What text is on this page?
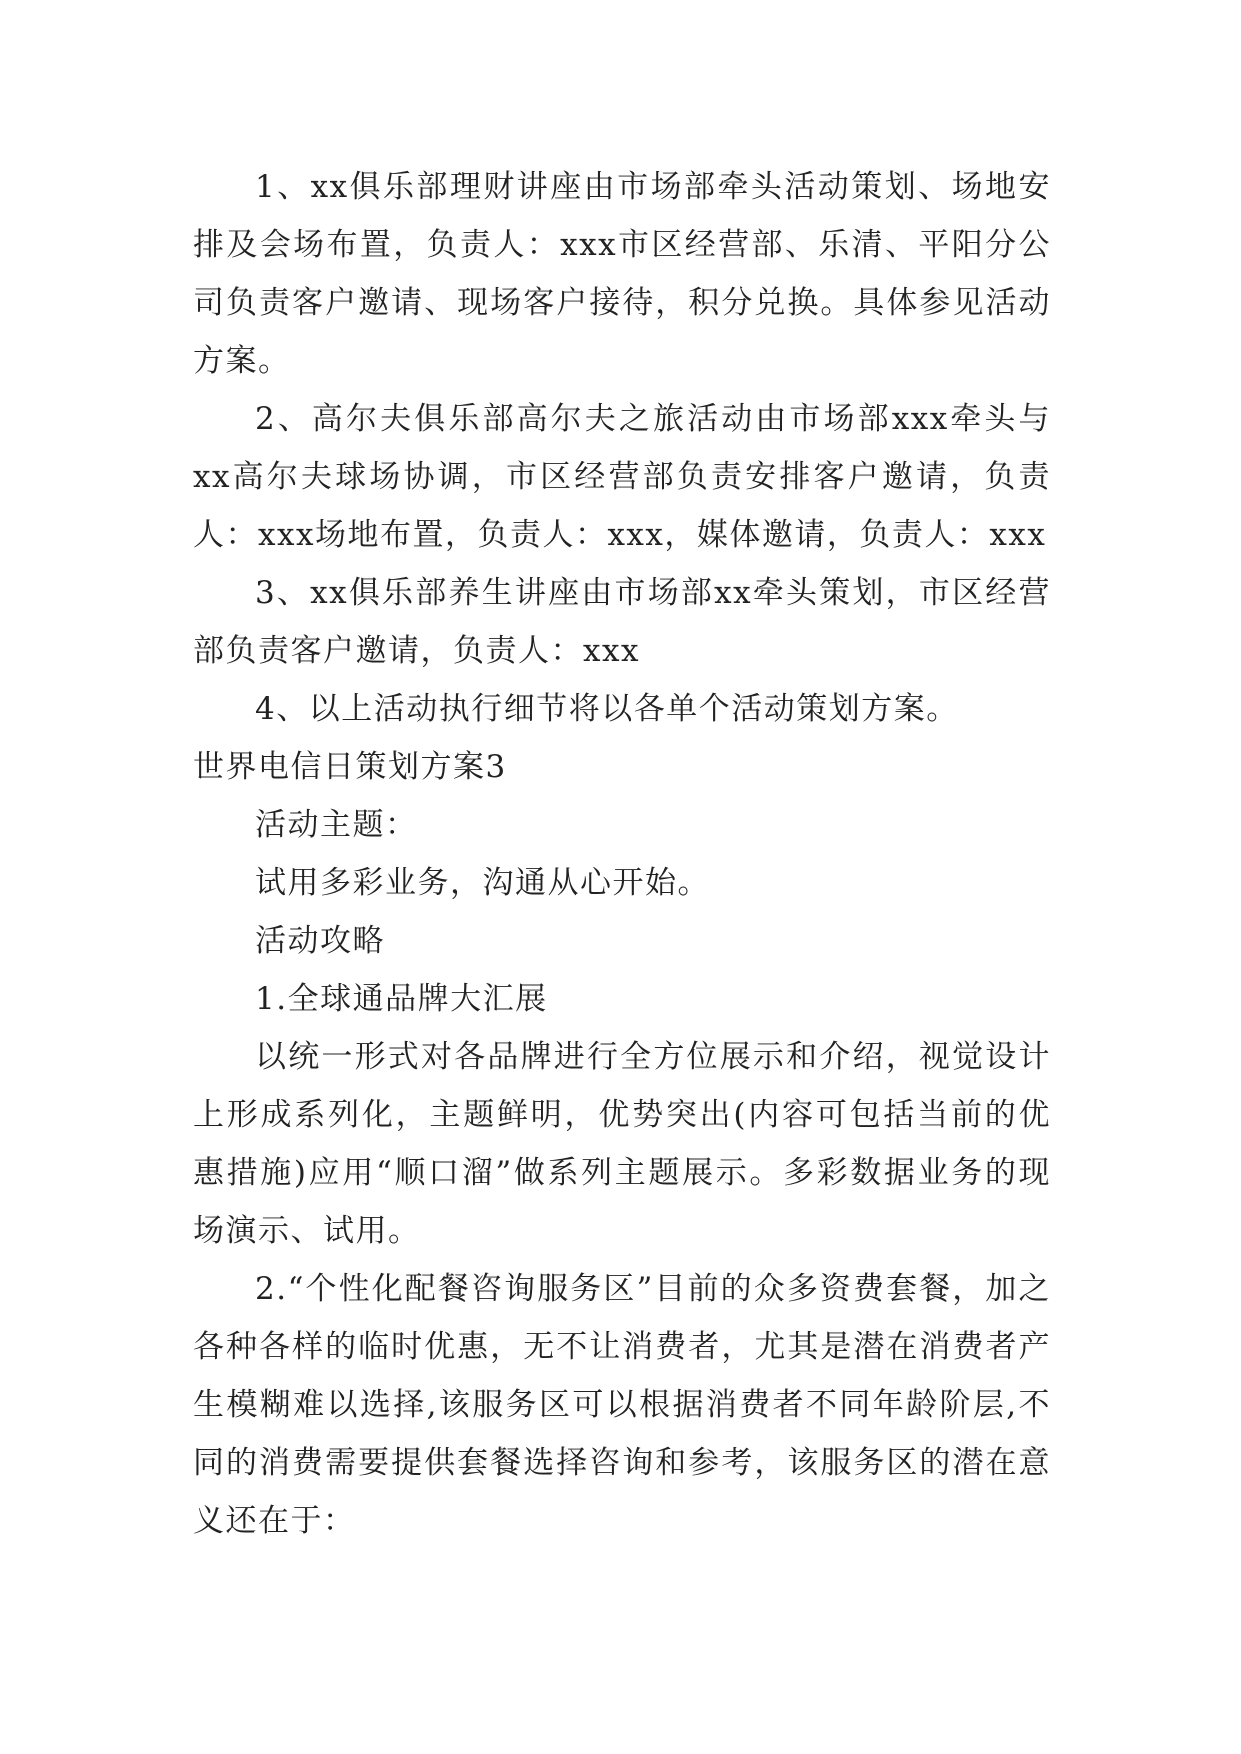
1、xx俱乐部理财讲座由市场部牵头活动策划、场地安排及会场布置，负责人：xxx市区经营部、乐清、平阳分公司负责客户邀请、现场客户接待，积分兑换。具体参见活动方案。

2、高尔夫俱乐部高尔夫之旅活动由市场部xxx牵头与xx高尔夫球场协调，市区经营部负责安排客户邀请，负责人：xxx场地布置，负责人：xxx，媒体邀请，负责人：xxx

3、xx俱乐部养生讲座由市场部xx牵头策划，市区经营部负责客户邀请，负责人：xxx

4、以上活动执行细节将以各单个活动策划方案。

世界电信日策划方案3

活动主题：

试用多彩业务，沟通从心开始。

活动攻略

1.全球通品牌大汇展

以统一形式对各品牌进行全方位展示和介绍，视觉设计上形成系列化，主题鲜明，优势突出(内容可包括当前的优惠措施)应用“顺口溜”做系列主题展示。多彩数据业务的现场演示、试用。

2.“个性化配餐咨询服务区”目前的众多资费套餐，加之各种各样的临时优惠，无不让消费者，尤其是潜在消费者产生模糊难以选择,该服务区可以根据消费者不同年龄阶层,不同的消费需要提供套餐选择咨询和参考，该服务区的潜在意义还在于：
